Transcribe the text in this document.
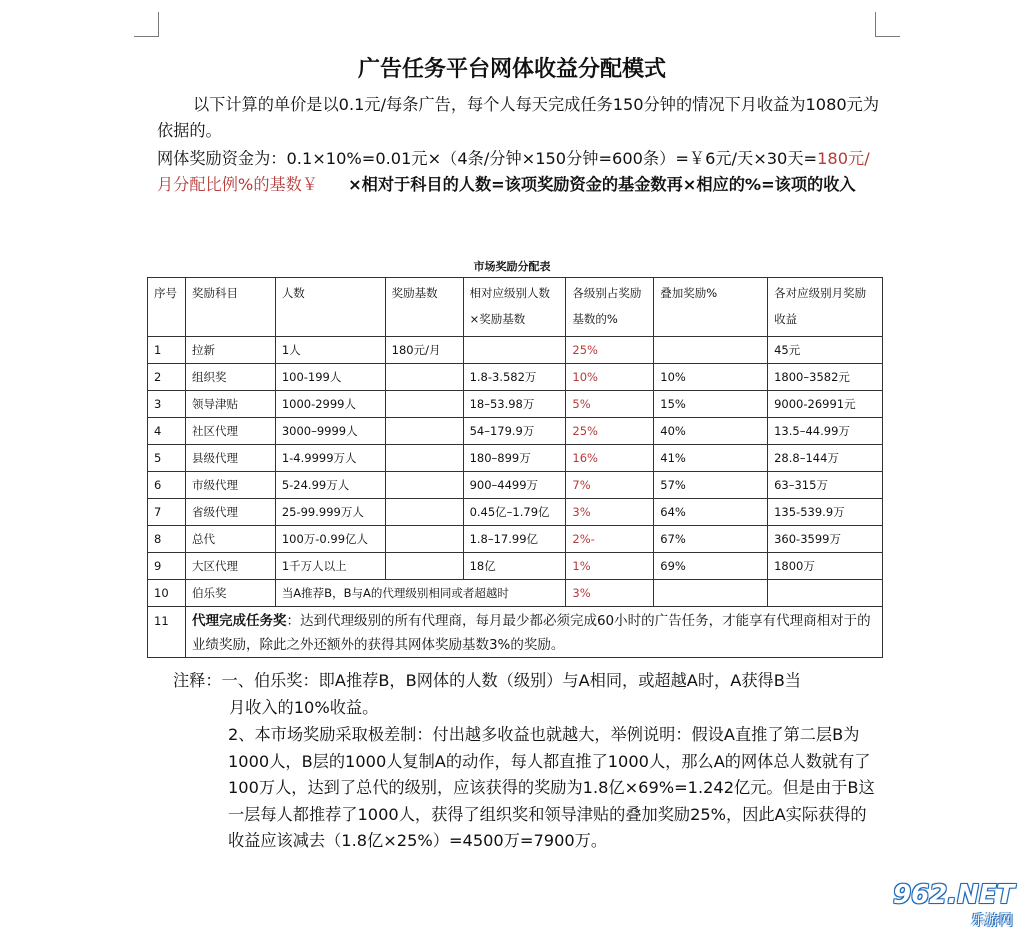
广告任务平台网体收益分配模式
以下计算的单价是以0.1元/每条广告，每个人每天完成任务150分钟的情况下月收益为1080元为依据的。
网体奖励资金为：0.1×10%=0.01元×（4条/分钟×150分钟=600条）=￥6元/天×30天=180元/月分配比例%的基数￥ ×相对于科目的人数=该项奖励资金的基金数再×相应的%=该项的收入
市场奖励分配表
序号	奖励科目	人数	奖励基数	相对应级别人数×奖励基数	各级别占奖励基数的%	叠加奖励%	各对应级别月奖励收益
1	拉新	1人	180元/月		25%		45元
2	组织奖	100-199人		1.8-3.582万	10%	10%	1800–3582元
3	领导津贴	1000-2999人		18–53.98万	5%	15%	9000-26991元
4	社区代理	3000–9999人		54–179.9万	25%	40%	13.5–44.99万
5	县级代理	1-4.9999万人		180–899万	16%	41%	28.8–144万
6	市级代理	5-24.99万人		900–4499万	7%	57%	63–315万
7	省级代理	25-99.999万人		0.45亿–1.79亿	3%	64%	135-539.9万
8	总代	100万-0.99亿人		1.8–17.99亿	2%-	67%	360-3599万
9	大区代理	1千万人以上		18亿	1%	69%	1800万
10	伯乐奖	当A推荐B，B与A的代理级别相同或者超越时			3%		
11	代理完成任务奖：达到代理级别的所有代理商，每月最少都必须完成60小时的广告任务，才能享有代理商相对于的业绩奖励，除此之外还额外的获得其网体奖励基数3%的奖励。						
注释：一、伯乐奖：即A推荐B，B网体的人数（级别）与A相同，或超越A时，A获得B当
月收入的10%收益。
2、本市场奖励采取极差制：付出越多收益也就越大，举例说明：假设A直推了第二层B为1000人，B层的1000人复制A的动作，每人都直推了1000人，那么A的网体总人数就有了100万人，达到了总代的级别，应该获得的奖励为1.8亿×69%=1.242亿元。但是由于B这一层每人都推荐了1000人，获得了组织奖和领导津贴的叠加奖励25%，因此A实际获得的收益应该减去（1.8亿×25%）=4500万=7900万。
962.NET
乐游网
